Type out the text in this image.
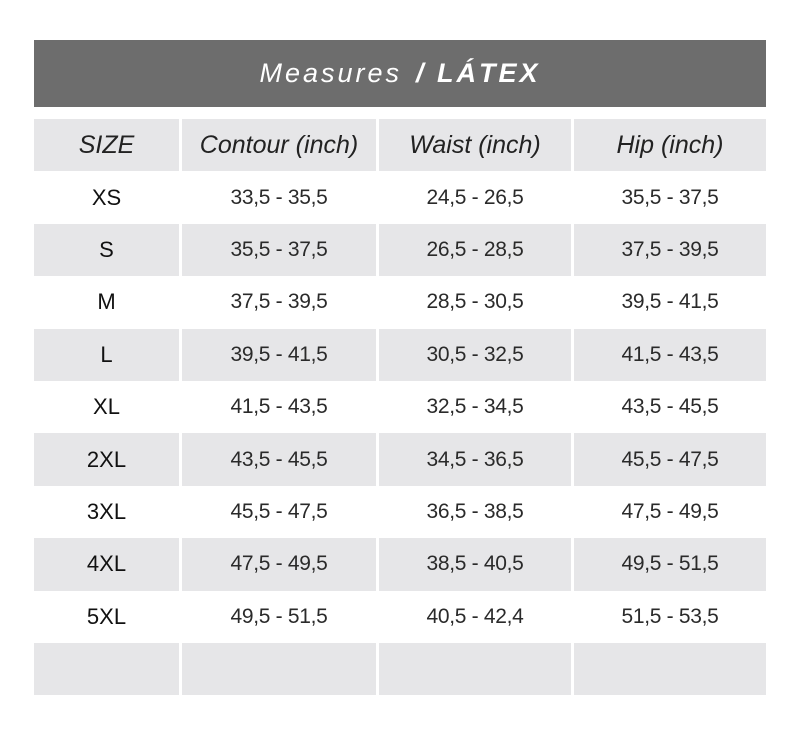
Measures / LÁTEX
SIZE	Contour (inch)	Waist (inch)	Hip (inch)
XS	33,5 - 35,5	24,5 - 26,5	35,5 - 37,5
S	35,5 - 37,5	26,5 - 28,5	37,5 - 39,5
M	37,5 - 39,5	28,5 - 30,5	39,5 - 41,5
L	39,5 - 41,5	30,5 - 32,5	41,5 - 43,5
XL	41,5 - 43,5	32,5 - 34,5	43,5 - 45,5
2XL	43,5 - 45,5	34,5 - 36,5	45,5 - 47,5
3XL	45,5 - 47,5	36,5 - 38,5	47,5 - 49,5
4XL	47,5 - 49,5	38,5 - 40,5	49,5 - 51,5
5XL	49,5 - 51,5	40,5 - 42,4	51,5 - 53,5
